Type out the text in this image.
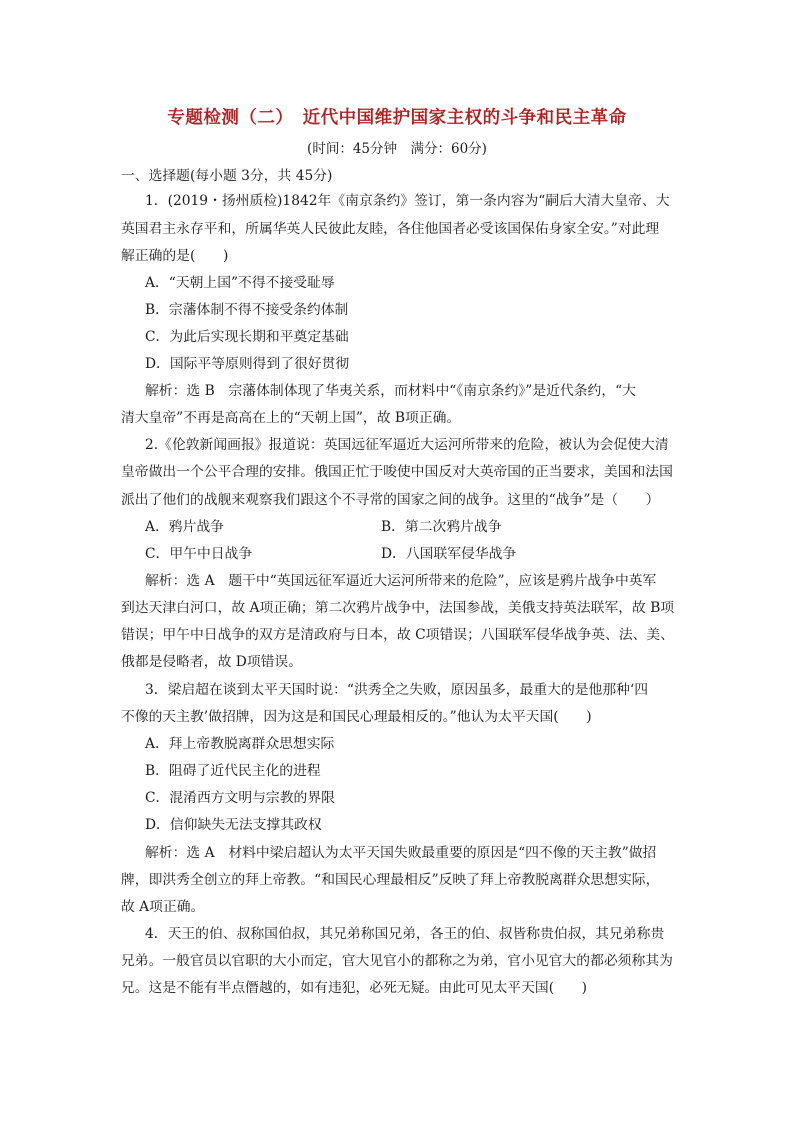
专题检测（二）　近代中国维护国家主权的斗争和民主革命
(时间：45分钟　满分：60分)
一、选择题(每小题 3分，共 45分)
1．(2019・扬州质检)1842年《南京条约》签订，第一条内容为“嗣后大清大皇帝、大
英国君主永存平和，所属华英人民彼此友睦，各住他国者必受该国保佑身家全安。”对此理
解正确的是(　　)
A．“天朝上国”不得不接受耻辱
B．宗藩体制不得不接受条约体制
C．为此后实现长期和平奠定基础
D．国际平等原则得到了很好贯彻
解析：选 B　宗藩体制体现了华夷关系，而材料中“《南京条约》”是近代条约，“大
清大皇帝”不再是高高在上的“天朝上国”，故 B项正确。
2.《伦敦新闻画报》报道说：英国远征军逼近大运河所带来的危险，被认为会促使大清
皇帝做出一个公平合理的安排。俄国正忙于唆使中国反对大英帝国的正当要求，美国和法国
派出了他们的战舰来观察我们跟这个不寻常的国家之间的战争。这里的“战争”是（　　）
A．鸦片战争	B．第二次鸦片战争
C．甲午中日战争	D．八国联军侵华战争
解析：选 A　题干中“英国远征军逼近大运河所带来的危险”，应该是鸦片战争中英军
到达天津白河口，故 A项正确；第二次鸦片战争中，法国参战，美俄支持英法联军，故 B项
错误；甲午中日战争的双方是清政府与日本，故 C项错误；八国联军侵华战争英、法、美、
俄都是侵略者，故 D项错误。
3．梁启超在谈到太平天国时说：“洪秀全之失败，原因虽多，最重大的是他那种‘四
不像的天主教’做招牌，因为这是和国民心理最相反的。”他认为太平天国(　　)
A．拜上帝教脱离群众思想实际
B．阻碍了近代民主化的进程
C．混淆西方文明与宗教的界限
D．信仰缺失无法支撑其政权
解析：选 A　材料中梁启超认为太平天国失败最重要的原因是“四不像的天主教”做招
牌，即洪秀全创立的拜上帝教。“和国民心理最相反”反映了拜上帝教脱离群众思想实际，
故 A项正确。
4．天王的伯、叔称国伯叔，其兄弟称国兄弟，各王的伯、叔皆称贵伯叔，其兄弟称贵
兄弟。一般官员以官职的大小而定，官大见官小的都称之为弟，官小见官大的都必须称其为
兄。这是不能有半点僭越的，如有违犯，必死无疑。由此可见太平天国(　　)
